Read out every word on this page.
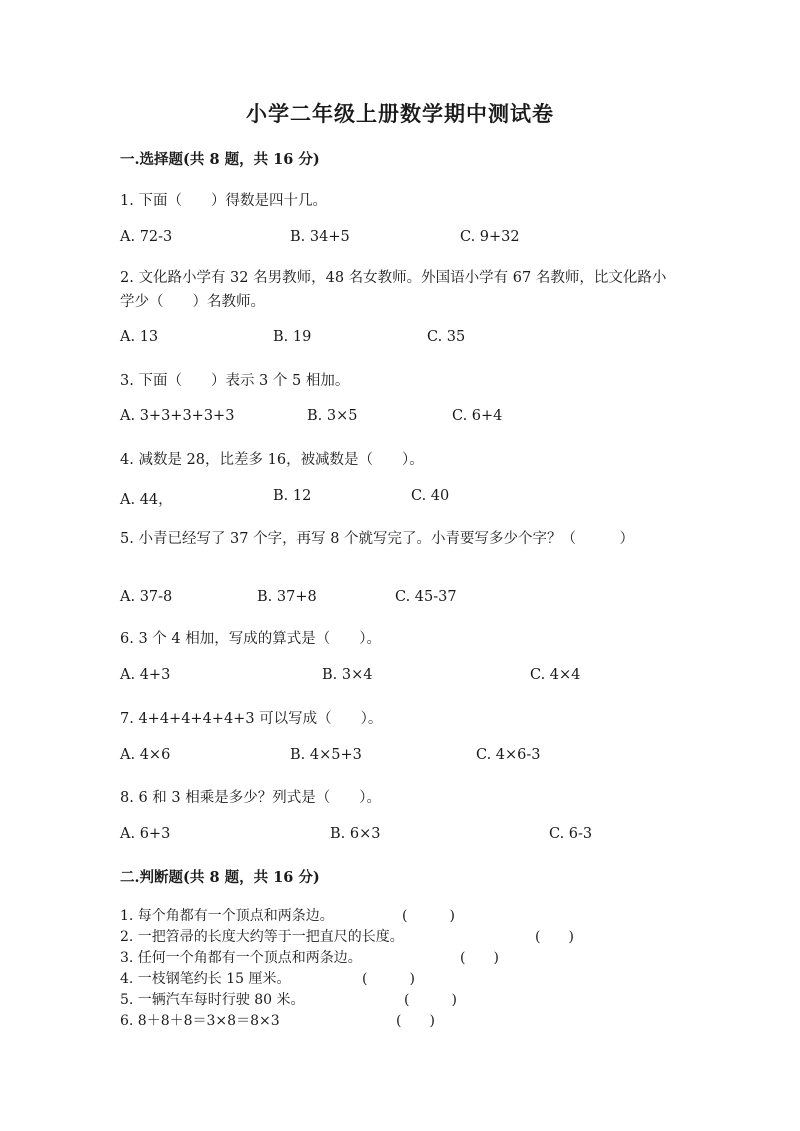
小学二年级上册数学期中测试卷
一.选择题(共 8 题，共 16 分)
1. 下面（　　）得数是四十几。
A. 72-3	B. 34+5	C. 9+32
2. 文化路小学有 32 名男教师，48 名女教师。外国语小学有 67 名教师，比文化路小学少（　　）名教师。
A. 13	B. 19	C. 35
3. 下面（　　）表示 3 个 5 相加。
A. 3+3+3+3+3	B. 3×5	C. 6+4
4. 减数是 28，比差多 16，被减数是（　　）。
A. 44，	B. 12	C. 40
5. 小青已经写了 37 个字，再写 8 个就写完了。小青要写多少个字？（　　　）
A. 37-8	B. 37+8	C. 45-37
6. 3 个 4 相加，写成的算式是（　　）。
A. 4+3	B. 3×4	C. 4×4
7. 4+4+4+4+4+3 可以写成（　　）。
A. 4×6	B. 4×5+3	C. 4×6-3
8. 6 和 3 相乘是多少？列式是（　　）。
A. 6+3	B. 6×3	C. 6-3
二.判断题(共 8 题，共 16 分)
1. 每个角都有一个顶点和两条边。	(　　　)
2. 一把笤帚的长度大约等于一把直尺的长度。	(　　)
3. 任何一个角都有一个顶点和两条边。	(　　)
4. 一枝钢笔约长 15 厘米。	(　　　)
5. 一辆汽车每时行驶 80 米。	(　　　)
6. 8＋8＋8＝3×8＝8×3	(　　)
